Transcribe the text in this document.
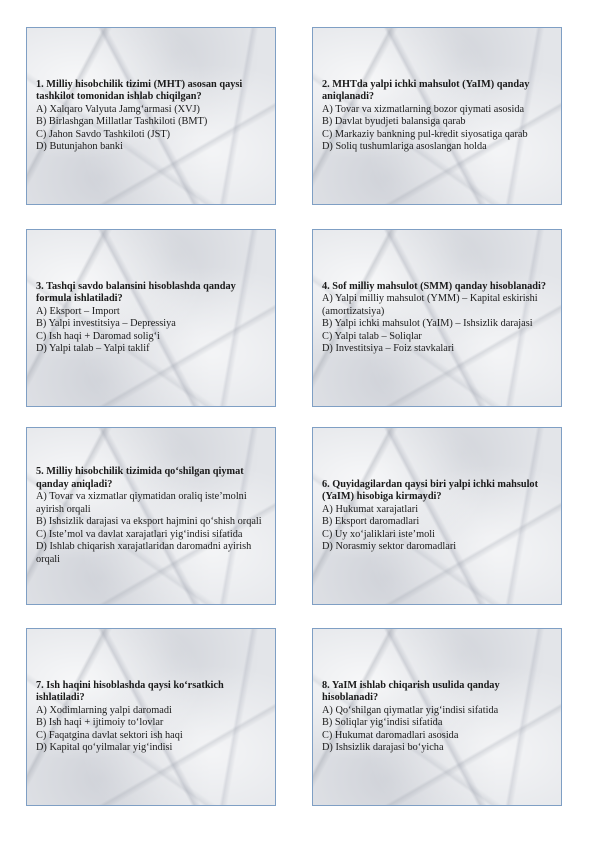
1. Milliy hisobchilik tizimi (MHT) asosan qaysi tashkilot tomonidan ishlab chiqilgan?

A) Xalqaro Valyuta Jamg‘armasi (XVJ)

B) Birlashgan Millatlar Tashkiloti (BMT)

C) Jahon Savdo Tashkiloti (JST)

D) Butunjahon banki

2. MHTda yalpi ichki mahsulot (YaIM) qanday aniqlanadi?

A) Tovar va xizmatlarning bozor qiymati asosida

B) Davlat byudjeti balansiga qarab

C) Markaziy bankning pul-kredit siyosatiga qarab

D) Soliq tushumlariga asoslangan holda

3. Tashqi savdo balansini hisoblashda qanday formula ishlatiladi?

A) Eksport – Import

B) Yalpi investitsiya – Depressiya

C) Ish haqi + Daromad solig‘i

D) Yalpi talab – Yalpi taklif

4. Sof milliy mahsulot (SMM) qanday hisoblanadi?

A) Yalpi milliy mahsulot (YMM) – Kapital eskirishi (amortizatsiya)

B) Yalpi ichki mahsulot (YaIM) – Ishsizlik darajasi

C) Yalpi talab – Soliqlar

D) Investitsiya – Foiz stavkalari

5. Milliy hisobchilik tizimida qo‘shilgan qiymat qanday aniqladi?

A) Tovar va xizmatlar qiymatidan oraliq iste’molni ayirish orqali

B) Ishsizlik darajasi va eksport hajmini qo‘shish orqali

C) Iste’mol va davlat xarajatlari yig‘indisi sifatida

D) Ishlab chiqarish xarajatlaridan daromadni ayirish orqali

6. Quyidagilardan qaysi biri yalpi ichki mahsulot (YaIM) hisobiga kirmaydi?

A) Hukumat xarajatlari

B) Eksport daromadlari

C) Uy xo‘jaliklari iste’moli

D) Norasmiy sektor daromadlari

7. Ish haqini hisoblashda qaysi ko‘rsatkich ishlatiladi?

A) Xodimlarning yalpi daromadi

B) Ish haqi + ijtimoiy to‘lovlar

C) Faqatgina davlat sektori ish haqi

D) Kapital qo‘yilmalar yig‘indisi

8. YaIM ishlab chiqarish usulida qanday hisoblanadi?

A) Qo‘shilgan qiymatlar yig‘indisi sifatida

B) Soliqlar yig‘indisi sifatida

C) Hukumat daromadlari asosida

D) Ishsizlik darajasi bo‘yicha
